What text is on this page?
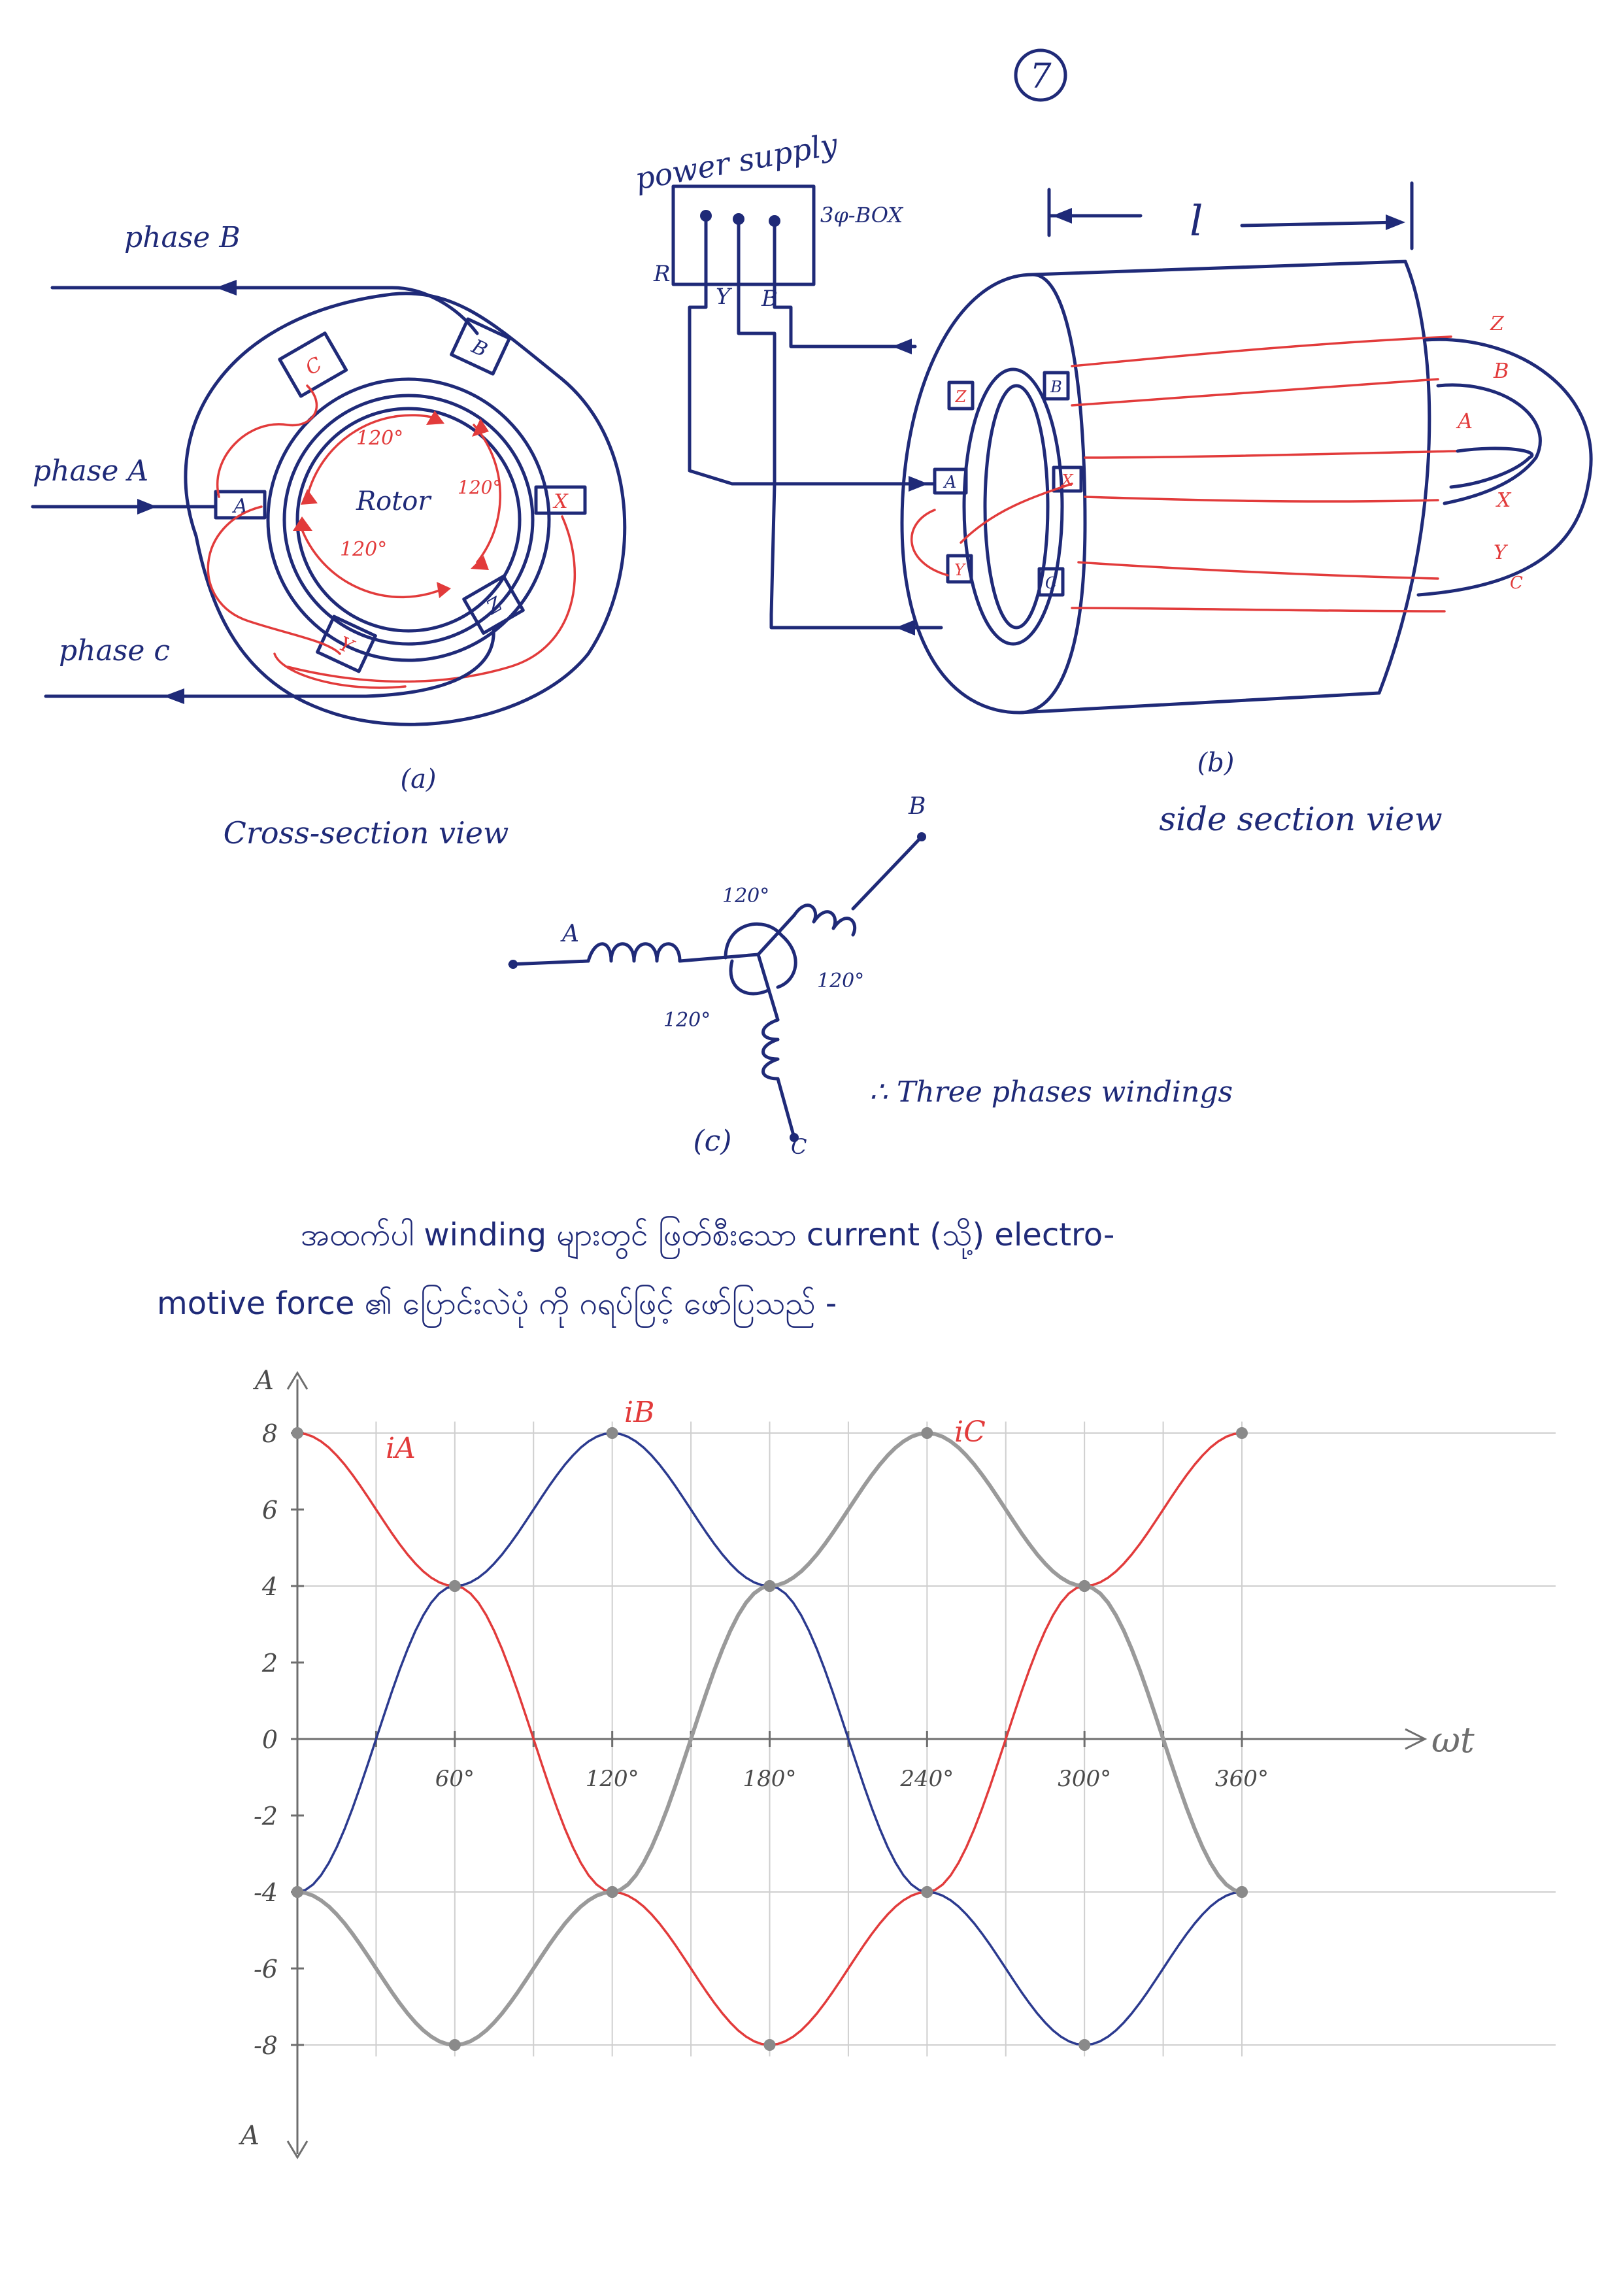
7
A	X
C
B
Y
Z
120°
120°
120°
Rotor
phase B
phase A
phase c
(a)
Cross-section view
power supply
3φ-BOX
R
Y B
A
B
C
X
Y
Z
Z
B
A
X
Y
C
l
(b)
side section view
A
B
C
120°
120°
120°
(c)
∴ Three phases windings
အထက်ပါ winding များတွင် ဖြတ်စီးသော current (သို့) electro-
motive force ၏ ပြောင်းလဲပုံ ကို ဂရပ်ဖြင့် ဖော်ပြသည် -
A
A
ωt
8
6
4
2
0
-2
-4
-6
-8
60°	120°	180°	240°	300°	360°
iA
iB
iC
